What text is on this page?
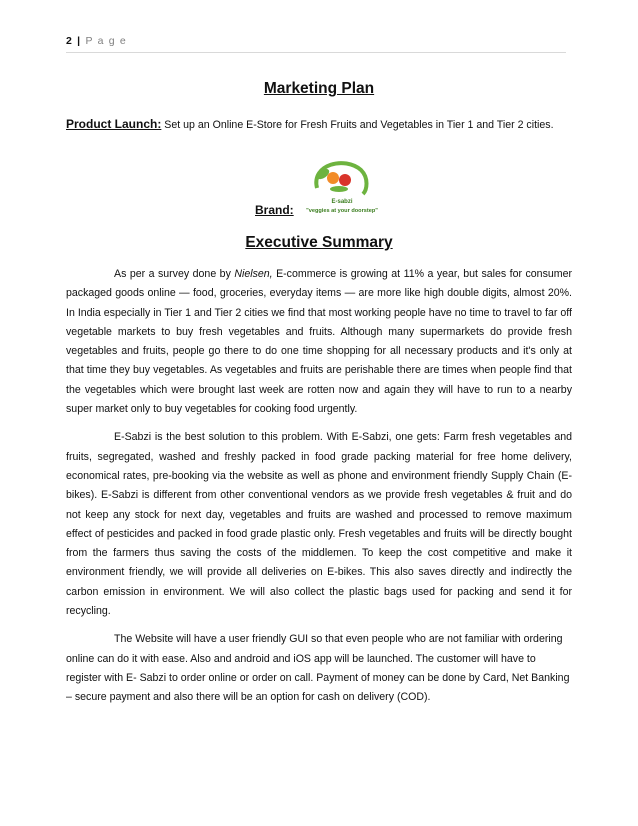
2 | P a g e
Marketing Plan
Product Launch: Set up an Online E-Store for Fresh Fruits and Vegetables in Tier 1 and Tier 2 cities.
Brand:
E-sabzi
"veggies at your doorstep"
Executive Summary

As per a survey done by Nielsen, E-commerce is growing at 11% a year, but sales for consumer packaged goods online — food, groceries, everyday items — are more like high double digits, almost 20%. In India especially in Tier 1 and Tier 2 cities we find that most working people have no time to travel to far off vegetable markets to buy fresh vegetables and fruits. Although many supermarkets do provide fresh vegetables and fruits, people go there to do one time shopping for all necessary products and it's only at that time they buy vegetables. As vegetables and fruits are perishable there are times when people find that the vegetables which were brought last week are rotten now and again they will have to run to a nearby super market only to buy vegetables for cooking food urgently.

E-Sabzi is the best solution to this problem. With E-Sabzi, one gets: Farm fresh vegetables and fruits, segregated, washed and freshly packed in food grade packing material for free home delivery, economical rates, pre-booking via the website as well as phone and environment friendly Supply Chain (E-bikes). E-Sabzi is different from other conventional vendors as we provide fresh vegetables & fruit and do not keep any stock for next day, vegetables and fruits are washed and processed to remove maximum effect of pesticides and packed in food grade plastic only. Fresh vegetables and fruits will be directly bought from the farmers thus saving the costs of the middlemen. To keep the cost competitive and make it environment friendly, we will provide all deliveries on E-bikes. This also saves directly and indirectly the carbon emission in environment. We will also collect the plastic bags used for packing and send it for recycling.

The Website will have a user friendly GUI so that even people who are not familiar with ordering online can do it with ease. Also and android and iOS app will be launched. The customer will have to register with E- Sabzi to order online or order on call. Payment of money can be done by Card, Net Banking – secure payment and also there will be an option for cash on delivery (COD).
